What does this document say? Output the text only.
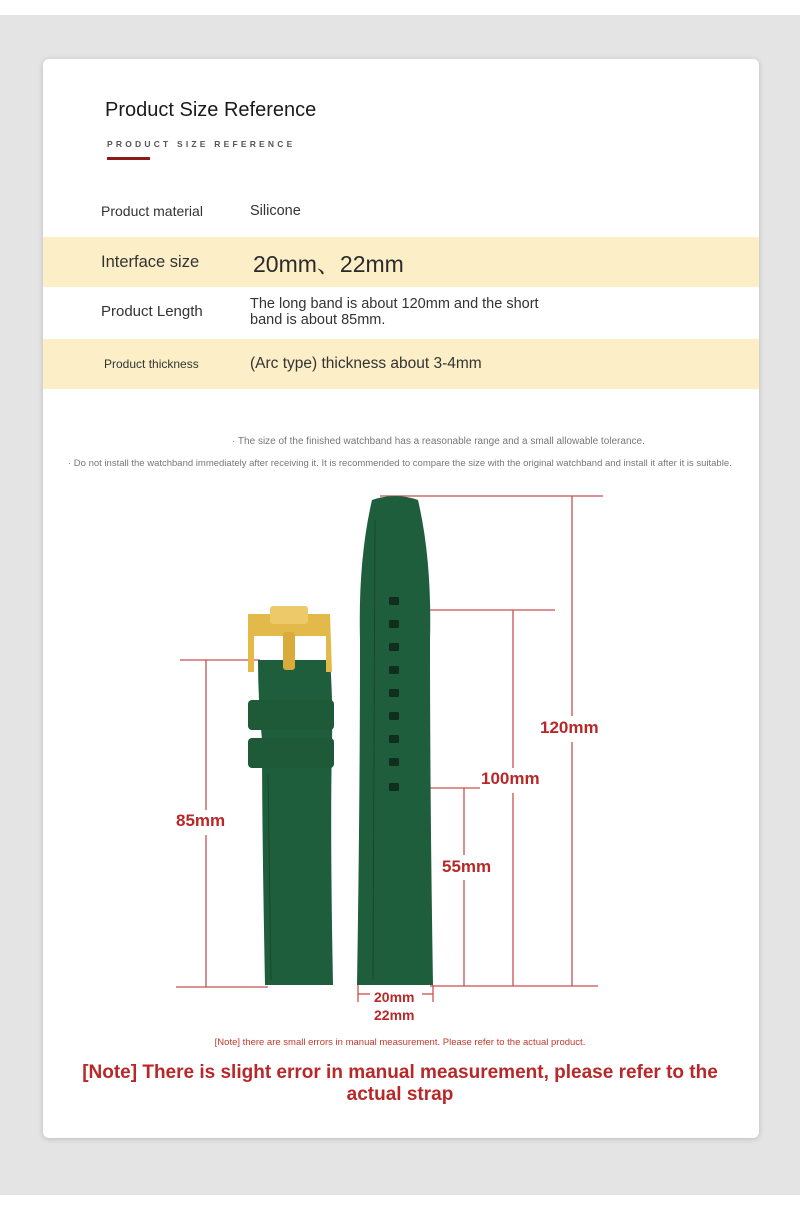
Product Size Reference
PRODUCT SIZE REFERENCE
Product material	Silicone
Interface size 20mm、22mm
Product Length	The long band is about 120mm and the short band is about 85mm.
Product thickness	(Arc type) thickness about 3-4mm
· The size of the finished watchband has a reasonable range and a small allowable tolerance.
· Do not install the watchband immediately after receiving it. It is recommended to compare the size with the original watchband and install it after it is suitable.
85mm
120mm
100mm
55mm
20mm
22mm
[Note] there are small errors in manual measurement. Please refer to the actual product.
[Note] There is slight error in manual measurement, please refer to the actual strap
